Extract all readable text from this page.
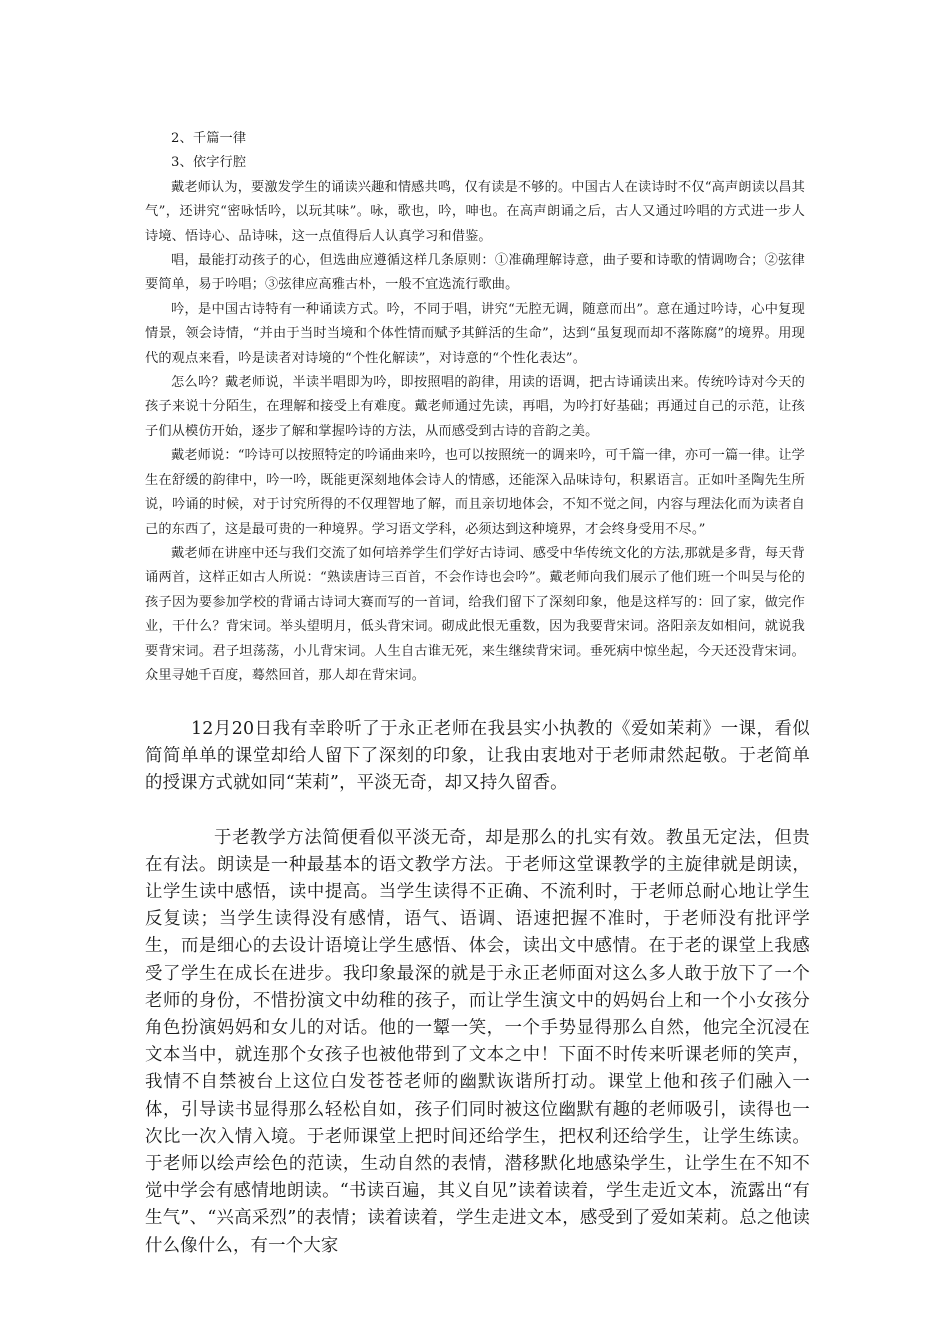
2、千篇一律

3、依字行腔

戴老师认为，要激发学生的诵读兴趣和情感共鸣，仅有读是不够的。中国古人在读诗时不仅“高声朗读以昌其气”，还讲究“密咏恬吟，以玩其味”。咏，歌也，吟，呻也。在高声朗诵之后，古人又通过吟唱的方式进一步人诗境、悟诗心、品诗味，这一点值得后人认真学习和借鉴。

唱，最能打动孩子的心，但选曲应遵循这样几条原则：①准确理解诗意，曲子要和诗歌的情调吻合；②弦律要简单，易于吟唱；③弦律应高雅古朴，一般不宜选流行歌曲。

吟，是中国古诗特有一种诵读方式。吟，不同于唱，讲究“无腔无调，随意而出”。意在通过吟诗，心中复现情景，领会诗情，“并由于当时当境和个体性情而赋予其鲜活的生命”，达到“虽复现而却不落陈腐”的境界。用现代的观点来看，吟是读者对诗境的“个性化解读”，对诗意的“个性化表达”。

怎么吟？戴老师说，半读半唱即为吟，即按照唱的韵律，用读的语调，把古诗诵读出来。传统吟诗对今天的孩子来说十分陌生，在理解和接受上有难度。戴老师通过先读，再唱，为吟打好基础；再通过自己的示范，让孩子们从模仿开始，逐步了解和掌握吟诗的方法，从而感受到古诗的音韵之美。

戴老师说：“吟诗可以按照特定的吟诵曲来吟，也可以按照统一的调来吟，可千篇一律，亦可一篇一律。让学生在舒缓的韵律中，吟一吟，既能更深刻地体会诗人的情感，还能深入品味诗句，积累语言。正如叶圣陶先生所说，吟诵的时候，对于讨究所得的不仅理智地了解，而且亲切地体会，不知不觉之间，内容与理法化而为读者自己的东西了，这是最可贵的一种境界。学习语文学科，必须达到这种境界，才会终身受用不尽。”

戴老师在讲座中还与我们交流了如何培养学生们学好古诗词、感受中华传统文化的方法,那就是多背，每天背诵两首，这样正如古人所说：“熟读唐诗三百首，不会作诗也会吟”。戴老师向我们展示了他们班一个叫吴与伦的孩子因为要参加学校的背诵古诗词大赛而写的一首词，给我们留下了深刻印象，他是这样写的：回了家，做完作业，干什么？背宋词。举头望明月，低头背宋词。砌成此恨无重数，因为我要背宋词。洛阳亲友如相问，就说我要背宋词。君子坦荡荡，小儿背宋词。人生自古谁无死，来生继续背宋词。垂死病中惊坐起，今天还没背宋词。众里寻她千百度，蓦然回首，那人却在背宋词。

12月20日我有幸聆听了于永正老师在我县实小执教的《爱如茉莉》一课，看似简简单单的课堂却给人留下了深刻的印象，让我由衷地对于老师肃然起敬。于老简单的授课方式就如同“茉莉”，平淡无奇，却又持久留香。

于老教学方法简便看似平淡无奇，却是那么的扎实有效。教虽无定法，但贵在有法。朗读是一种最基本的语文教学方法。于老师这堂课教学的主旋律就是朗读，让学生读中感悟，读中提高。当学生读得不正确、不流利时，于老师总耐心地让学生反复读；当学生读得没有感情，语气、语调、语速把握不准时，于老师没有批评学生，而是细心的去设计语境让学生感悟、体会，读出文中感情。在于老的课堂上我感受了学生在成长在进步。我印象最深的就是于永正老师面对这么多人敢于放下了一个老师的身份，不惜扮演文中幼稚的孩子，而让学生演文中的妈妈台上和一个小女孩分角色扮演妈妈和女儿的对话。他的一颦一笑，一个手势显得那么自然，他完全沉浸在文本当中，就连那个女孩子也被他带到了文本之中！下面不时传来听课老师的笑声，我情不自禁被台上这位白发苍苍老师的幽默诙谐所打动。课堂上他和孩子们融入一体，引导读书显得那么轻松自如，孩子们同时被这位幽默有趣的老师吸引，读得也一次比一次入情入境。于老师课堂上把时间还给学生，把权利还给学生，让学生练读。于老师以绘声绘色的范读，生动自然的表情，潜移默化地感染学生，让学生在不知不觉中学会有感情地朗读。“书读百遍，其义自见”读着读着，学生走近文本，流露出“有生气”、“兴高采烈”的表情；读着读着，学生走进文本，感受到了爱如茉莉。总之他读什么像什么，有一个大家
